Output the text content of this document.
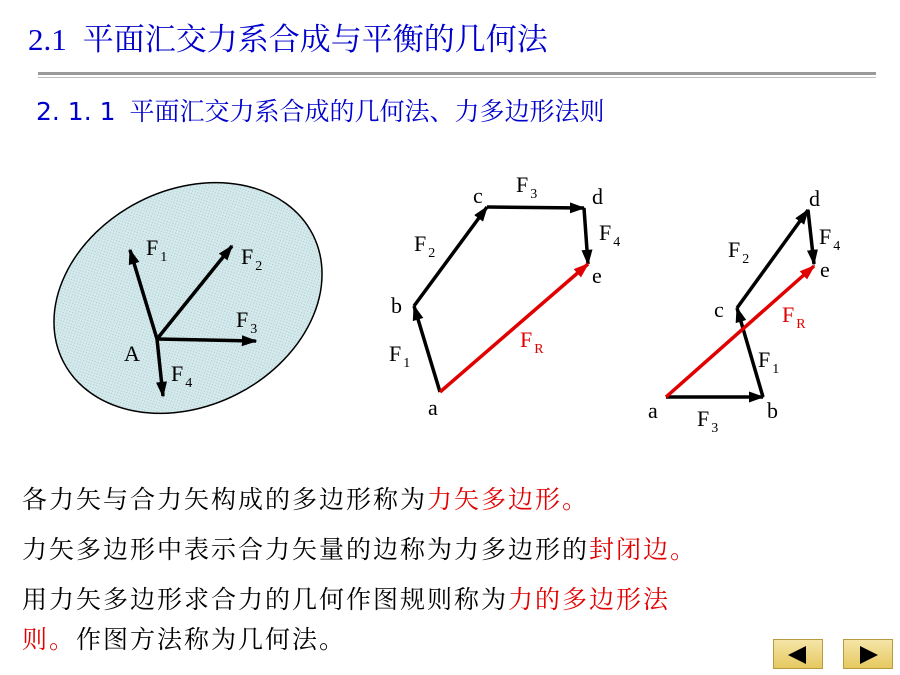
2.1 平面汇交力系合成与平衡的几何法
2. 1. 1 平面汇交力系合成的几何法、力多边形法则
A
F 1	F 2
F 3
F 4
a
b
c	d
e
F 1
F 2
F 3
F 4
F R
a	b
c
d
e
F 3
F 1
F 2
F 4
F R
各力矢与合力矢构成的多边形称为力矢多边形。
力矢多边形中表示合力矢量的边称为力多边形的封闭边。
用力矢多边形求合力的几何作图规则称为力的多边形法
则。作图方法称为几何法。
